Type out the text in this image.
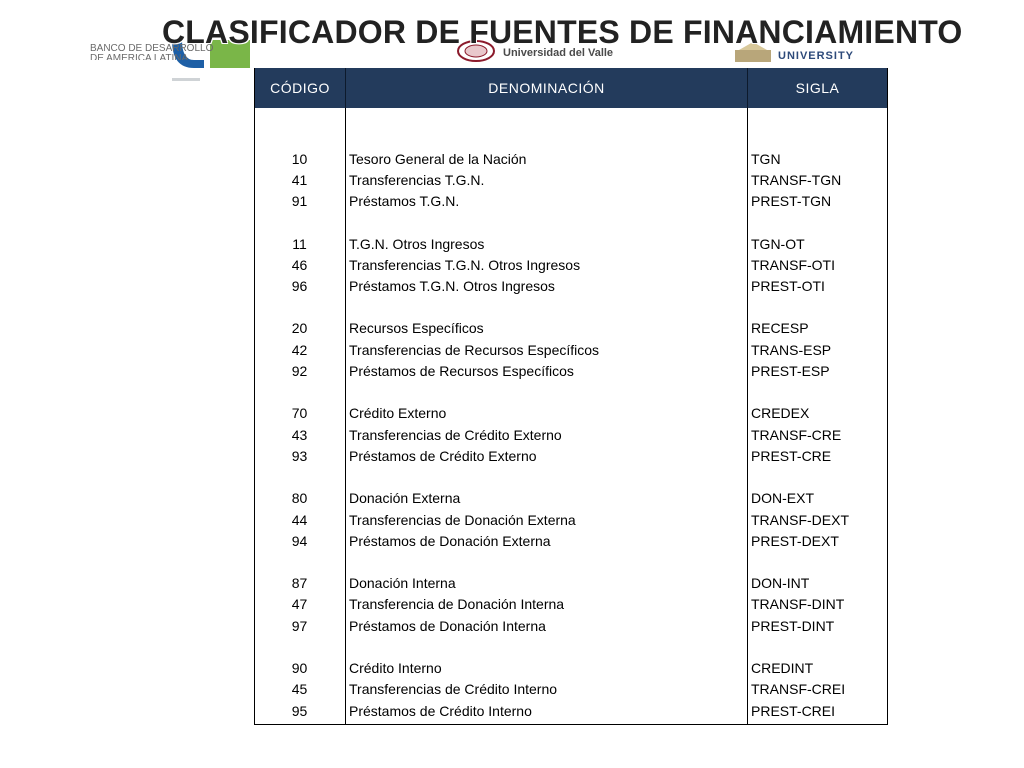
BANCO DE DESARROLLO
DE AMÉRICA LATINA	Universidad del Valle	UNIVERSITY
CLASIFICADOR DE FUENTES DE FINANCIAMIENTO
CÓDIGO	DENOMINACIÓN	SIGLA
10	Tesoro General de la Nación	TGN
41	Transferencias T.G.N.	TRANSF-TGN
91	Préstamos T.G.N.	PREST-TGN
11	T.G.N. Otros Ingresos	TGN-OT
46	Transferencias T.G.N. Otros Ingresos	TRANSF-OTI
96	Préstamos T.G.N. Otros Ingresos	PREST-OTI
20	Recursos Específicos	RECESP
42	Transferencias de Recursos Específicos	TRANS-ESP
92	Préstamos de Recursos Específicos	PREST-ESP
70	Crédito Externo	CREDEX
43	Transferencias de Crédito Externo	TRANSF-CRE
93	Préstamos de Crédito Externo	PREST-CRE
80	Donación Externa	DON-EXT
44	Transferencias de Donación Externa	TRANSF-DEXT
94	Préstamos de Donación Externa	PREST-DEXT
87	Donación Interna	DON-INT
47	Transferencia de Donación Interna	TRANSF-DINT
97	Préstamos de Donación Interna	PREST-DINT
90	Crédito Interno	CREDINT
45	Transferencias de Crédito Interno	TRANSF-CREI
95	Préstamos de Crédito Interno	PREST-CREI
